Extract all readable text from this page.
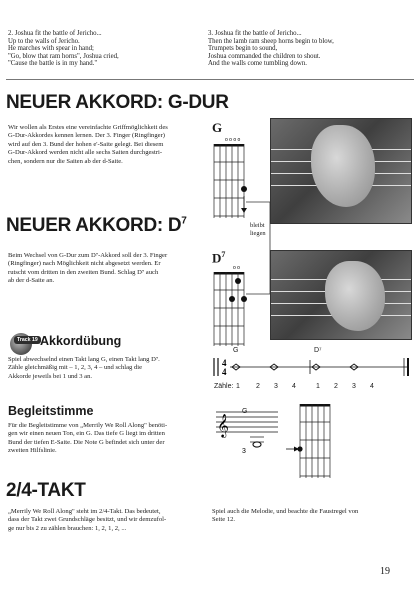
2. Joshua fit the battle of Jericho...
Up to the walls of Jericho.
He marches with spear in hand;
"Go, blow that ram horns", Joshua cried,
"Cause the battle is in my hand."
3. Joshua fit the battle of Jericho...
Then the lamb ram sheep horns begin to blow,
Trumpets begin to sound,
Joshua commanded the children to shout.
And the walls come tumbling down.
NEUER AKKORD: G-DUR
Wir wollen als Erstes eine vereinfachte Griffmöglichkeit des
G-Dur-Akkordes kennen lernen. Der 3. Finger (Ringfinger)
wird auf den 3. Bund der hohen e'-Saite gelegt. Bei diesem
G-Dur-Akkord werden nicht alle sechs Saiten durchgestri-
chen, sondern nur die Saiten ab der d-Saite.
G
o o o o
bleibt
liegen
NEUER AKKORD: $D^7$
Beim Wechsel von G-Dur zum D⁷-Akkord soll der 3. Finger
(Ringfinger) nach Möglichkeit nicht abgesetzt werden. Er
rutscht vom dritten in den zweiten Bund. Schlag D⁷ auch
ab der d-Saite an.
$D^7$
o o
Track 19 Akkordübung
Spiel abwechselnd einen Takt lang G, einen Takt lang D⁷.
Zähle gleichmäßig mit – 1, 2, 3, 4 – und schlag die
Akkorde jeweils bei 1 und 3 an.
G	D⁷
4
4
Zähle: 1 2 3 4	1 2 3 4
Begleitstimme
Für die Begleitstimme von „Merrily We Roll Along" benöti-
gen wir einen neuen Ton, ein G. Das tiefe G liegt im dritten
Bund der tiefen E-Saite. Die Note G befindet sich unter der
zweiten Hilfslinie.
𝄞
3
G
2/4-TAKT
„Merrily We Roll Along" steht im 2/4-Takt. Das bedeutet,
dass der Takt zwei Grundschläge besitzt, und wir demzufol-
ge nur bis 2 zu zählen brauchen: 1, 2, 1, 2, ...
Spiel auch die Melodie, und beachte die Faustregel von
Seite 12.
19
